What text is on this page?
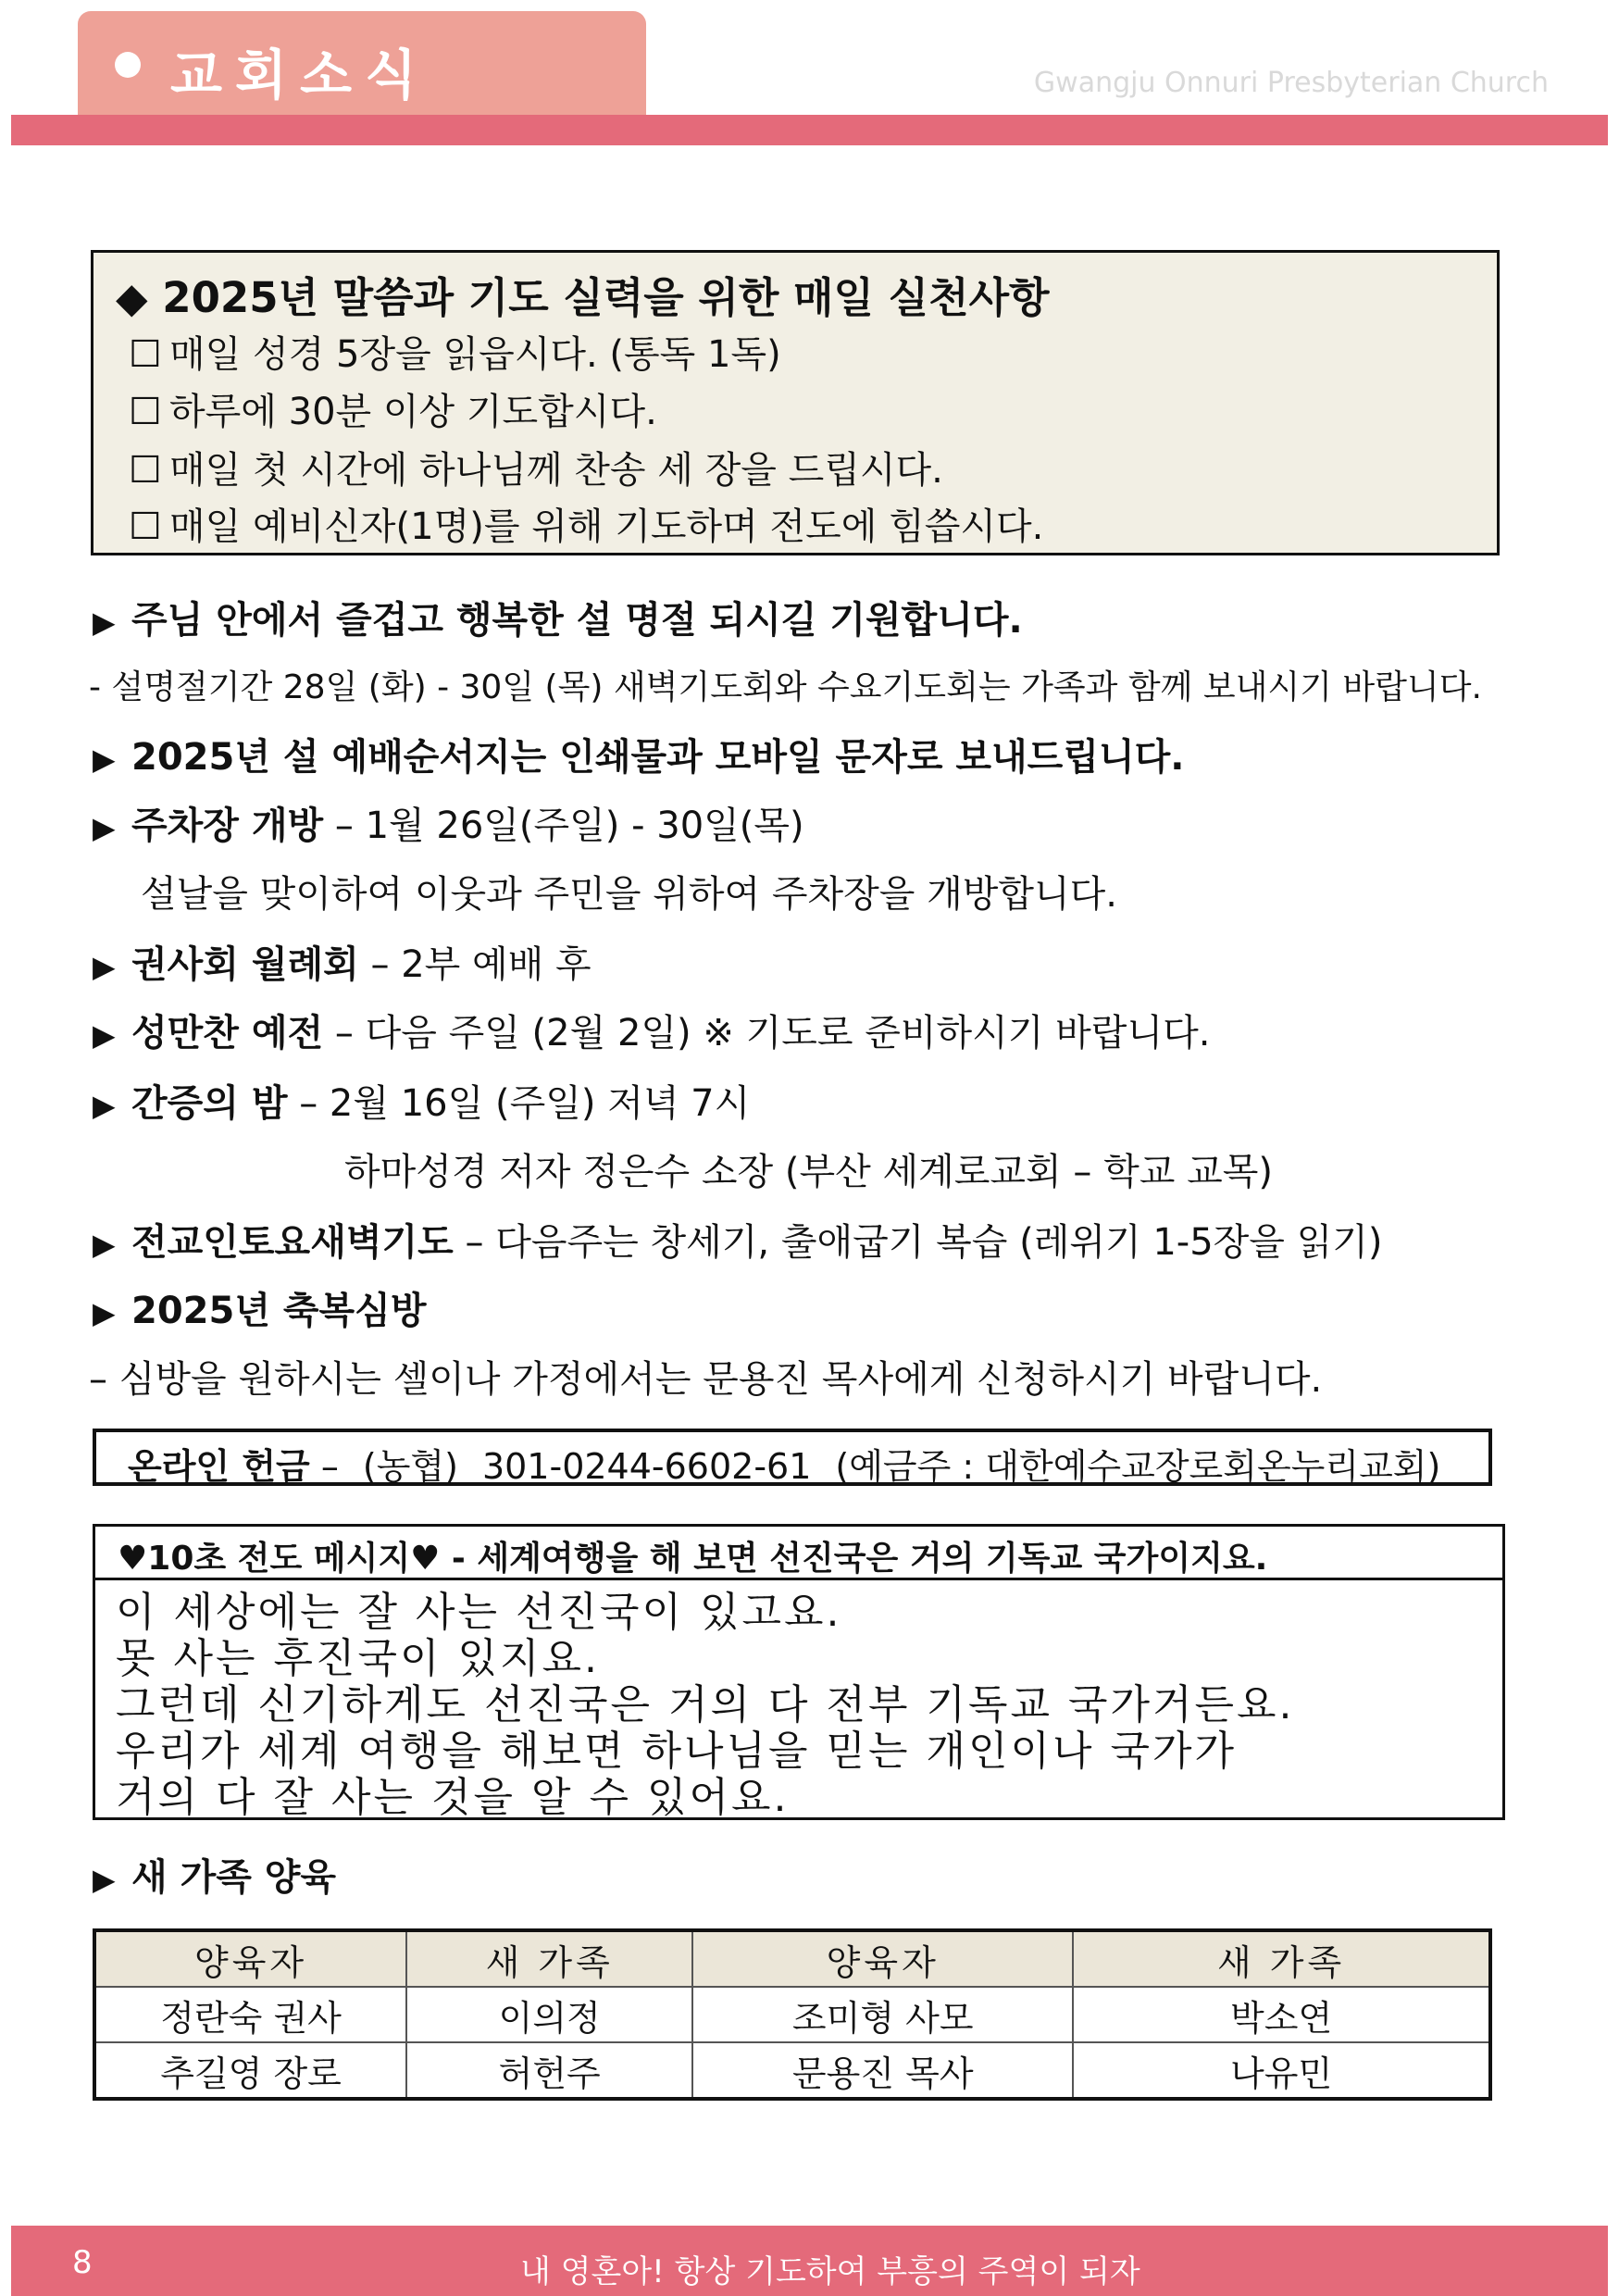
교회소식	Gwangju Onnuri Presbyterian Church
◆ 2025년 말씀과 기도 실력을 위한 매일 실천사항
☐ 매일 성경 5장을 읽읍시다. (통독 1독)
☐ 하루에 30분 이상 기도합시다.
☐ 매일 첫 시간에 하나님께 찬송 세 장을 드립시다.
☐ 매일 예비신자(1명)를 위해 기도하며 전도에 힘씁시다.
▶ 주님 안에서 즐겁고 행복한 설 명절 되시길 기원합니다.
- 설명절기간 28일 (화) - 30일 (목) 새벽기도회와 수요기도회는 가족과 함께 보내시기 바랍니다.
▶ 2025년 설 예배순서지는 인쇄물과 모바일 문자로 보내드립니다.
▶ 주차장 개방 – 1월 26일(주일) - 30일(목)
설날을 맞이하여 이웃과 주민을 위하여 주차장을 개방합니다.
▶ 권사회 월례회 – 2부 예배 후
▶ 성만찬 예전 – 다음 주일 (2월 2일) ※ 기도로 준비하시기 바랍니다.
▶ 간증의 밤 – 2월 16일 (주일) 저녁 7시
하마성경 저자 정은수 소장 (부산 세계로교회 – 학교 교목)
▶ 전교인토요새벽기도 – 다음주는 창세기, 출애굽기 복습 (레위기 1-5장을 읽기)
▶ 2025년 축복심방
– 심방을 원하시는 셀이나 가정에서는 문용진 목사에게 신청하시기 바랍니다.
온라인 헌금 – (농협) 301-0244-6602-61 (예금주 : 대한예수교장로회온누리교회)
♥10초 전도 메시지♥ - 세계여행을 해 보면 선진국은 거의 기독교 국가이지요.
이 세상에는 잘 사는 선진국이 있고요.
못 사는 후진국이 있지요.
그런데 신기하게도 선진국은 거의 다 전부 기독교 국가거든요.
우리가 세계 여행을 해보면 하나님을 믿는 개인이나 국가가
거의 다 잘 사는 것을 알 수 있어요.
▶ 새 가족 양육
양육자	새 가족	양육자	새 가족
정란숙 권사	이의정	조미형 사모	박소연
추길영 장로	허헌주	문용진 목사	나유민
8	내 영혼아! 항상 기도하여 부흥의 주역이 되자
